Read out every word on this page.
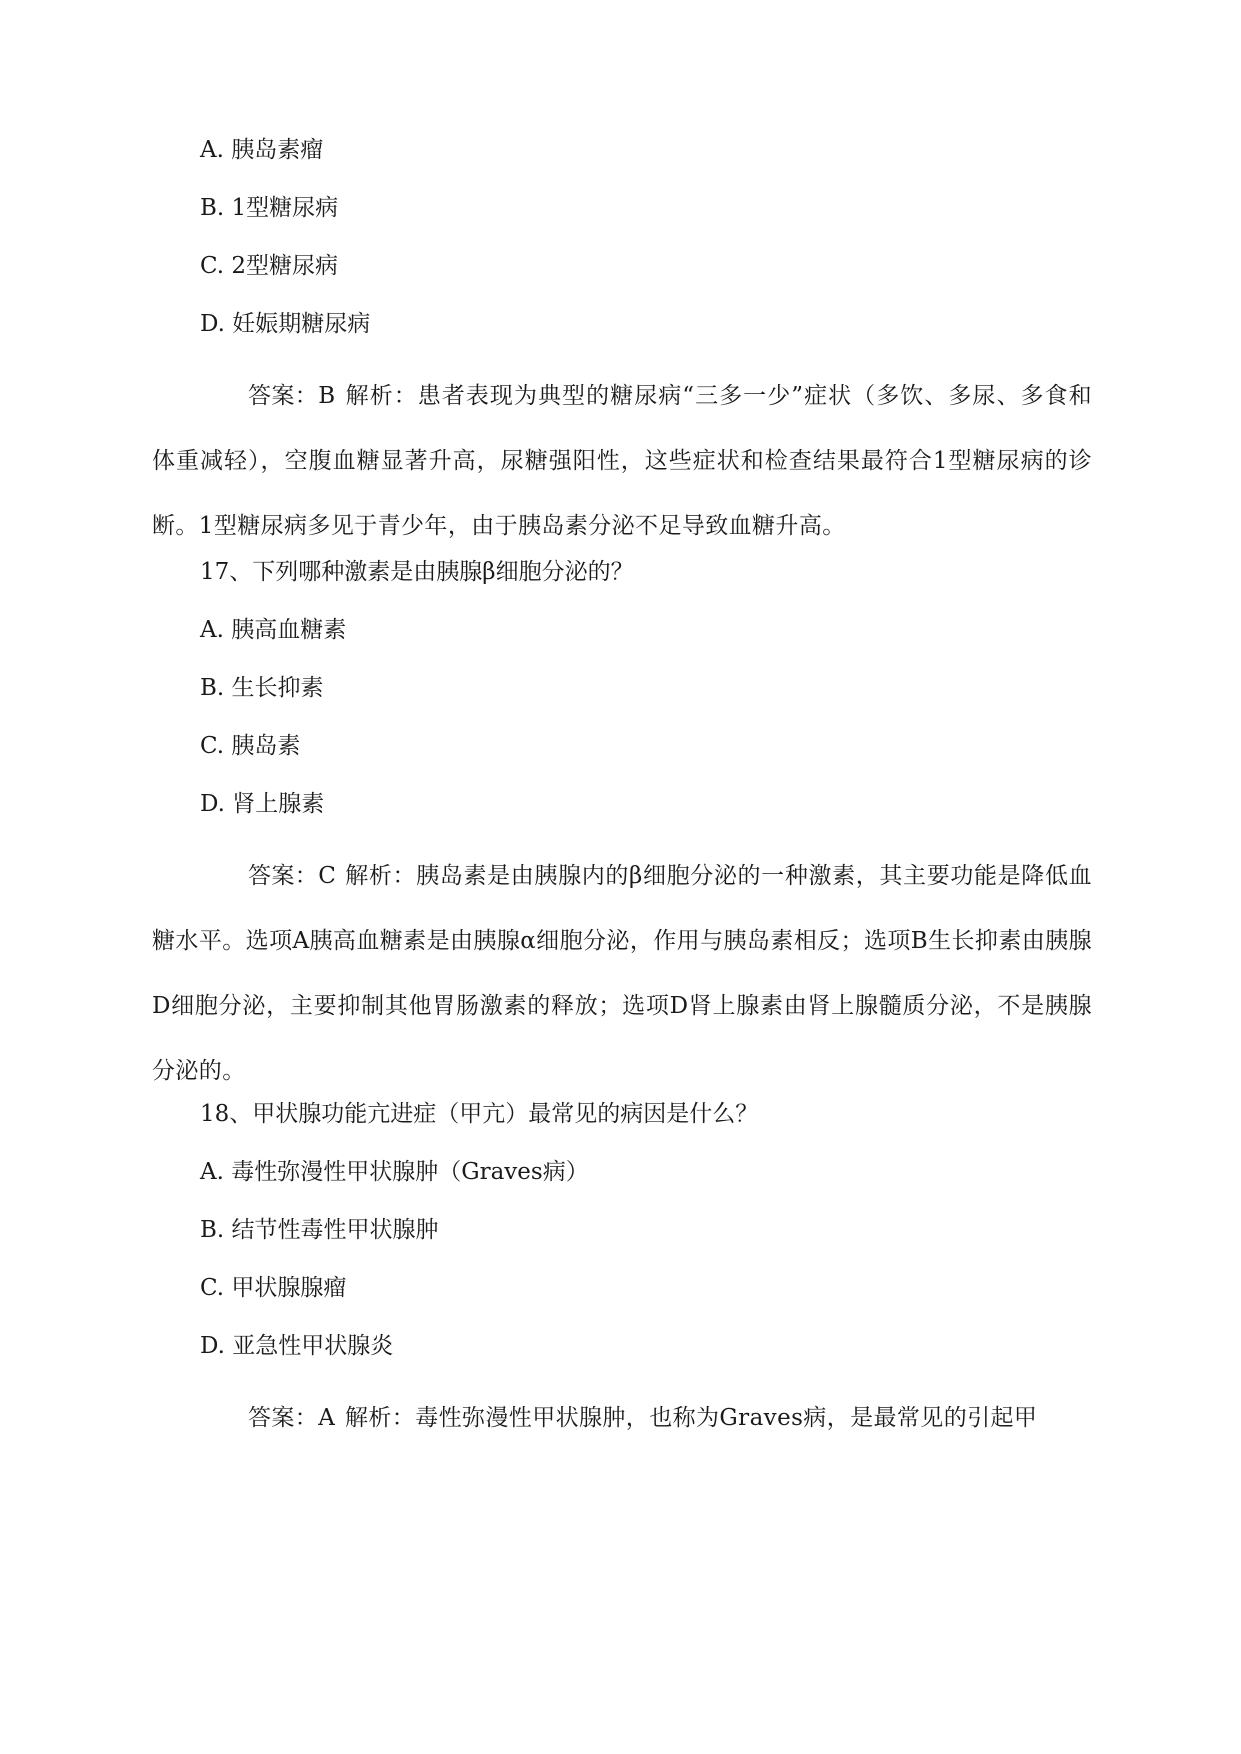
A. 胰岛素瘤
B. 1型糖尿病
C. 2型糖尿病
D. 妊娠期糖尿病
答案：B 解析：患者表现为典型的糖尿病“三多一少”症状（多饮、多尿、多食和体重减轻），空腹血糖显著升高，尿糖强阳性，这些症状和检查结果最符合1型糖尿病的诊断。1型糖尿病多见于青少年，由于胰岛素分泌不足导致血糖升高。
17、下列哪种激素是由胰腺β细胞分泌的？
A. 胰高血糖素
B. 生长抑素
C. 胰岛素
D. 肾上腺素
答案：C 解析：胰岛素是由胰腺内的β细胞分泌的一种激素，其主要功能是降低血糖水平。选项A胰高血糖素是由胰腺α细胞分泌，作用与胰岛素相反；选项B生长抑素由胰腺D细胞分泌，主要抑制其他胃肠激素的释放；选项D肾上腺素由肾上腺髓质分泌，不是胰腺分泌的。
18、甲状腺功能亢进症（甲亢）最常见的病因是什么？
A. 毒性弥漫性甲状腺肿（Graves病）
B. 结节性毒性甲状腺肿
C. 甲状腺腺瘤
D. 亚急性甲状腺炎
答案：A 解析：毒性弥漫性甲状腺肿，也称为Graves病，是最常见的引起甲
